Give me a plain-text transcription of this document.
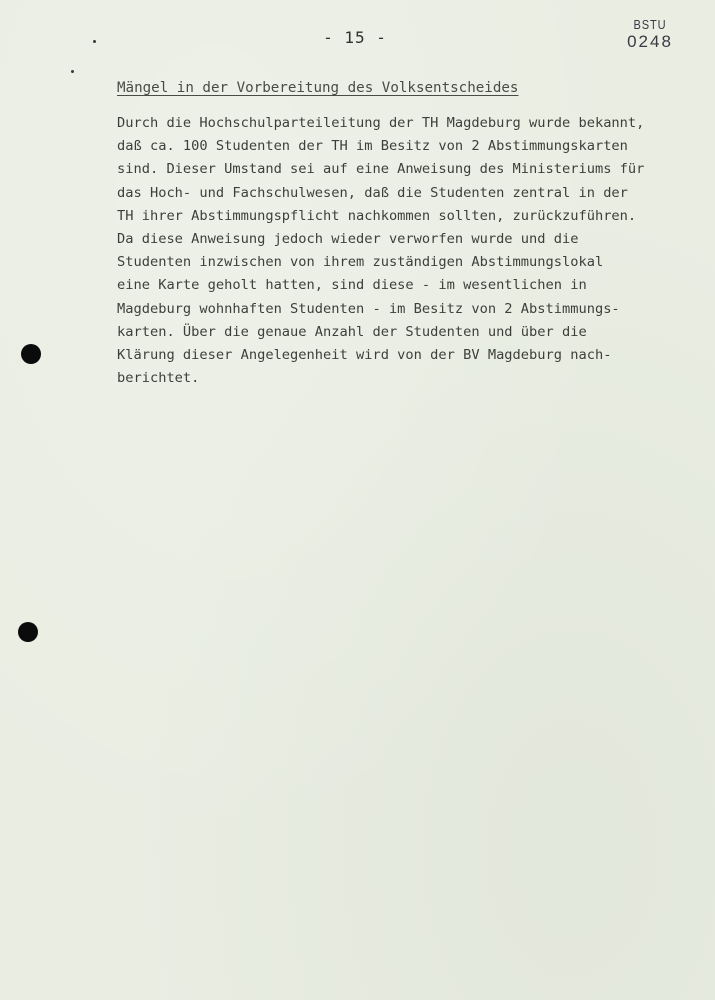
- 15 -
BSTU
0248
Mängel in der Vorbereitung des Volksentscheides
Durch die Hochschulparteileitung der TH Magdeburg wurde bekannt,
daß ca. 100 Studenten der TH im Besitz von 2 Abstimmungskarten
sind. Dieser Umstand sei auf eine Anweisung des Ministeriums für
das Hoch- und Fachschulwesen, daß die Studenten zentral in der
TH ihrer Abstimmungspflicht nachkommen sollten, zurückzuführen.
Da diese Anweisung jedoch wieder verworfen wurde und die
Studenten inzwischen von ihrem zuständigen Abstimmungslokal
eine Karte geholt hatten, sind diese - im wesentlichen in
Magdeburg wohnhaften Studenten - im Besitz von 2 Abstimmungs-
karten. Über die genaue Anzahl der Studenten und über die
Klärung dieser Angelegenheit wird von der BV Magdeburg nach-
berichtet.
